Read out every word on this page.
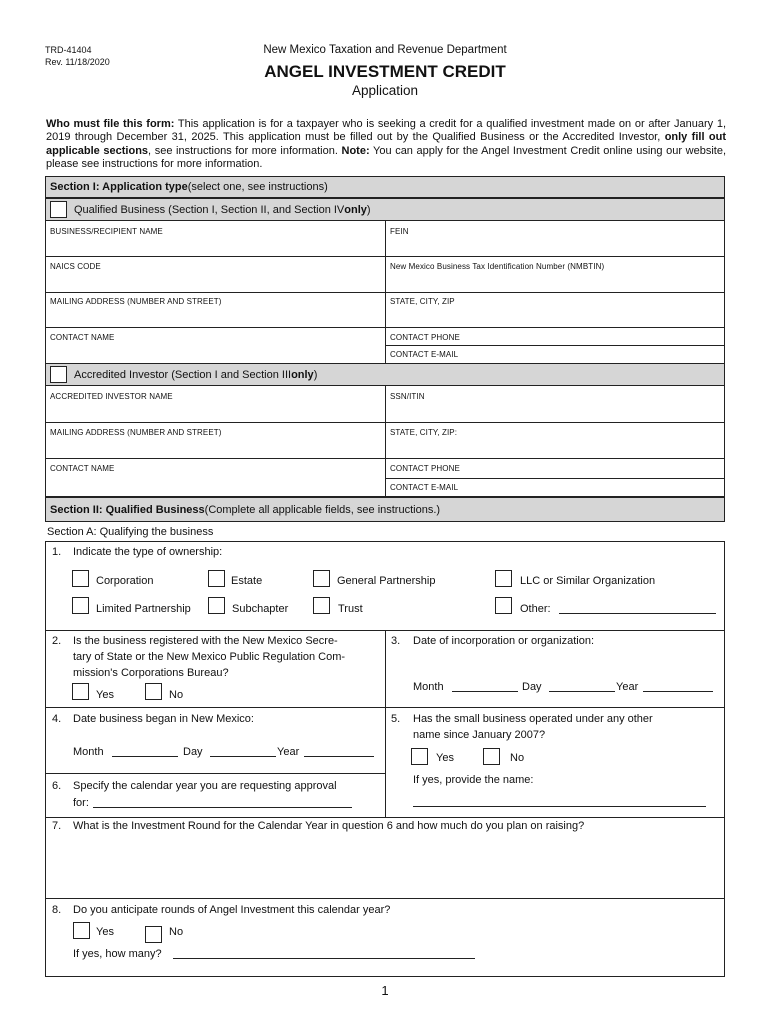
TRD-41404
Rev. 11/18/2020
New Mexico Taxation and Revenue Department
ANGEL INVESTMENT CREDIT
Application
Who must file this form: This application is for a taxpayer who is seeking a credit for a qualified investment made on or after January 1, 2019 through December 31, 2025. This application must be filled out by the Qualified Business or the Accredited Investor, only fill out applicable sections, see instructions for more information. Note: You can apply for the Angel Investment Credit online using our website, please see instructions for more information.
Section I: Application type (select one, see instructions)
Qualified Business (Section I, Section II, and Section IV only )
BUSINESS/RECIPIENT NAME	FEIN
NAICS CODE	New Mexico Business Tax Identification Number (NMBTIN)
MAILING ADDRESS (NUMBER AND STREET)	STATE, CITY, ZIP
CONTACT NAME	CONTACT PHONE
CONTACT E-MAIL
Accredited Investor (Section I and Section III only )
ACCREDITED INVESTOR NAME	SSN/ITIN
MAILING ADDRESS (NUMBER AND STREET)	STATE, CITY, ZIP:
CONTACT NAME	CONTACT PHONE
CONTACT E-MAIL
Section II: Qualified Business (Complete all applicable fields, see instructions.)
Section A: Qualifying the business
1. Indicate the type of ownership:
Corporation	Estate	General Partnership	LLC or Similar Organization
Limited Partnership	Subchapter	Trust	Other:
2. Is the business registered with the New Mexico Secre-
tary of State or the New Mexico Public Regulation Com-
mission's Corporations Bureau?
Yes	No
3. Date of incorporation or organization:
Month	Day	Year
4. Date business began in New Mexico:
Month	Day	Year
5. Has the small business operated under any other
name since January 2007?
Yes	No
If yes, provide the name:
6. Specify the calendar year you are requesting approval
for:
7. What is the Investment Round for the Calendar Year in question 6 and how much do you plan on raising?
8. Do you anticipate rounds of Angel Investment this calendar year?
Yes	No
If yes, how many?
1
